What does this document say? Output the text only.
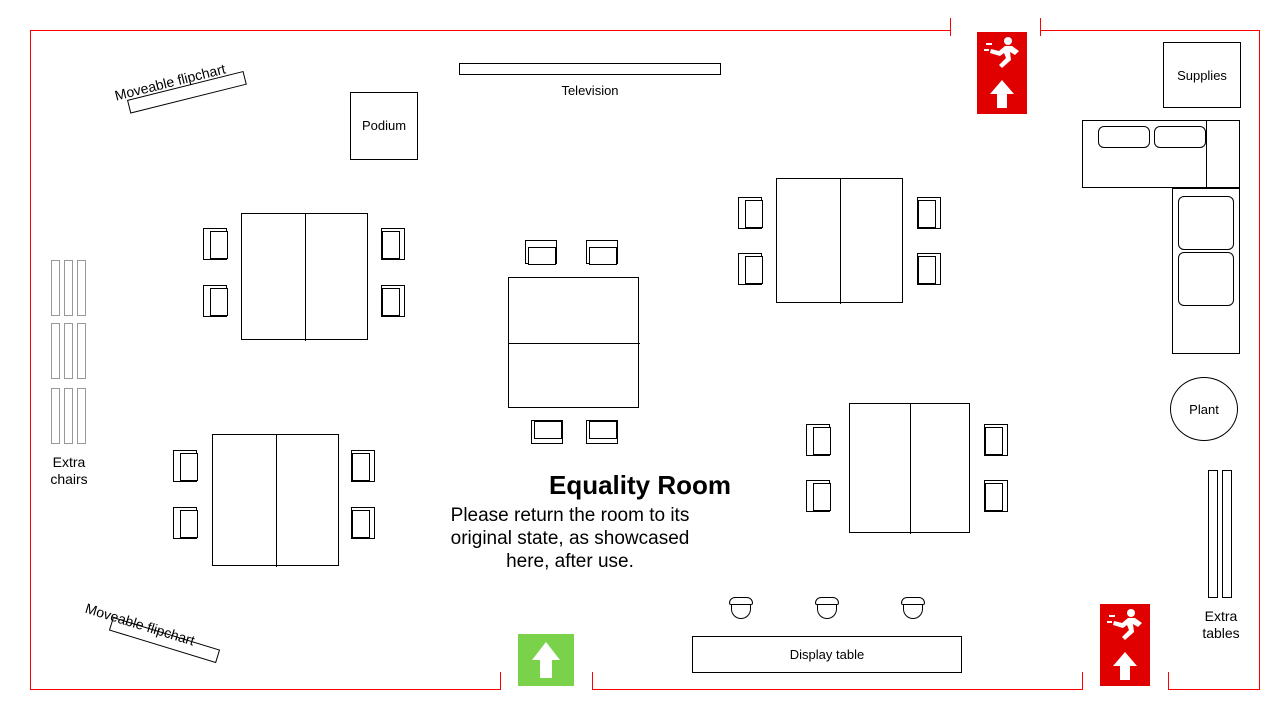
Television
Podium
Supplies
Moveable flipchart
Moveable flipchart
Extra chairs
Extra tables
Plant
Display table
Equality Room
Please return the room to its original state, as showcased here, after use.
